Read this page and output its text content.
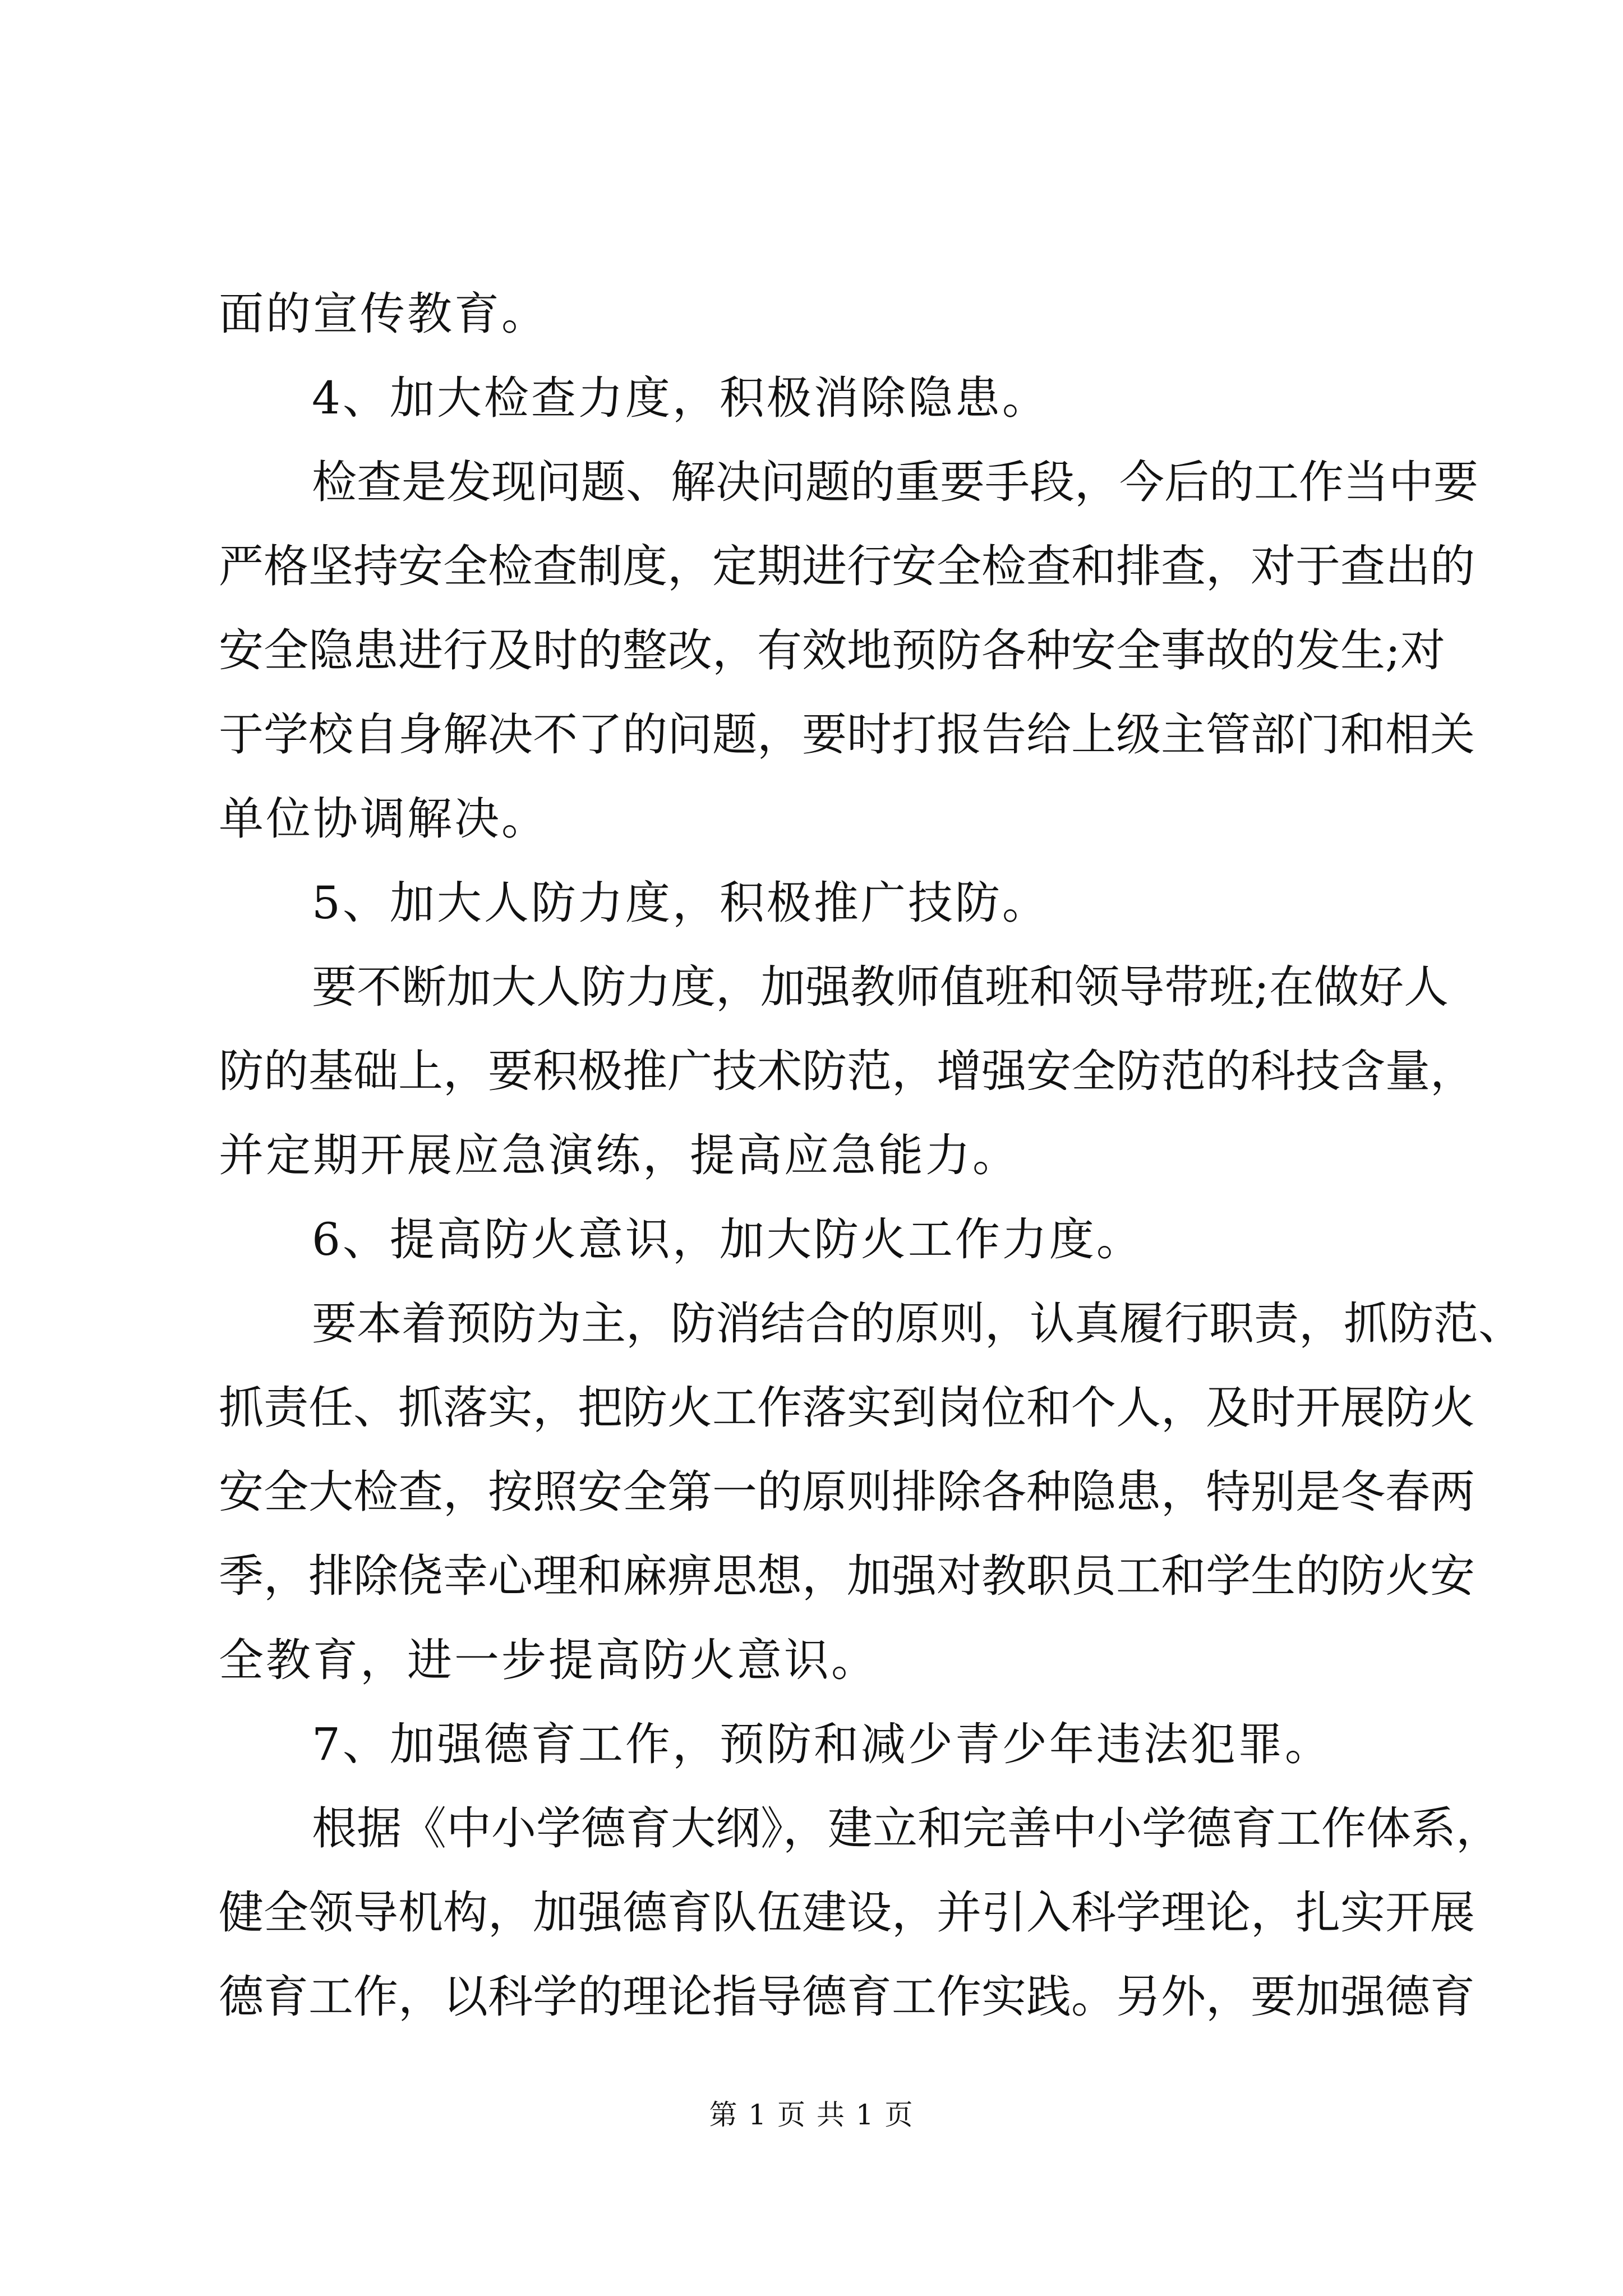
面的宣传教育。
4、加大检查力度，积极消除隐患。
检查是发现问题、解决问题的重要手段，今后的工作当中要
严格坚持安全检查制度，定期进行安全检查和排查，对于查出的
安全隐患进行及时的整改，有效地预防各种安全事故的发生;对
于学校自身解决不了的问题，要时打报告给上级主管部门和相关
单位协调解决。
5、加大人防力度，积极推广技防。
要不断加大人防力度，加强教师值班和领导带班;在做好人
防的基础上，要积极推广技术防范，增强安全防范的科技含量，
并定期开展应急演练，提高应急能力。
6、提高防火意识，加大防火工作力度。
要本着预防为主，防消结合的原则，认真履行职责，抓防范、
抓责任、抓落实，把防火工作落实到岗位和个人，及时开展防火
安全大检查，按照安全第一的原则排除各种隐患，特别是冬春两
季，排除侥幸心理和麻痹思想，加强对教职员工和学生的防火安
全教育，进一步提高防火意识。
7、加强德育工作，预防和减少青少年违法犯罪。
根据《中小学德育大纲》，建立和完善中小学德育工作体系，
健全领导机构，加强德育队伍建设，并引入科学理论，扎实开展
德育工作，以科学的理论指导德育工作实践。另外，要加强德育
第 1 页 共 1 页
